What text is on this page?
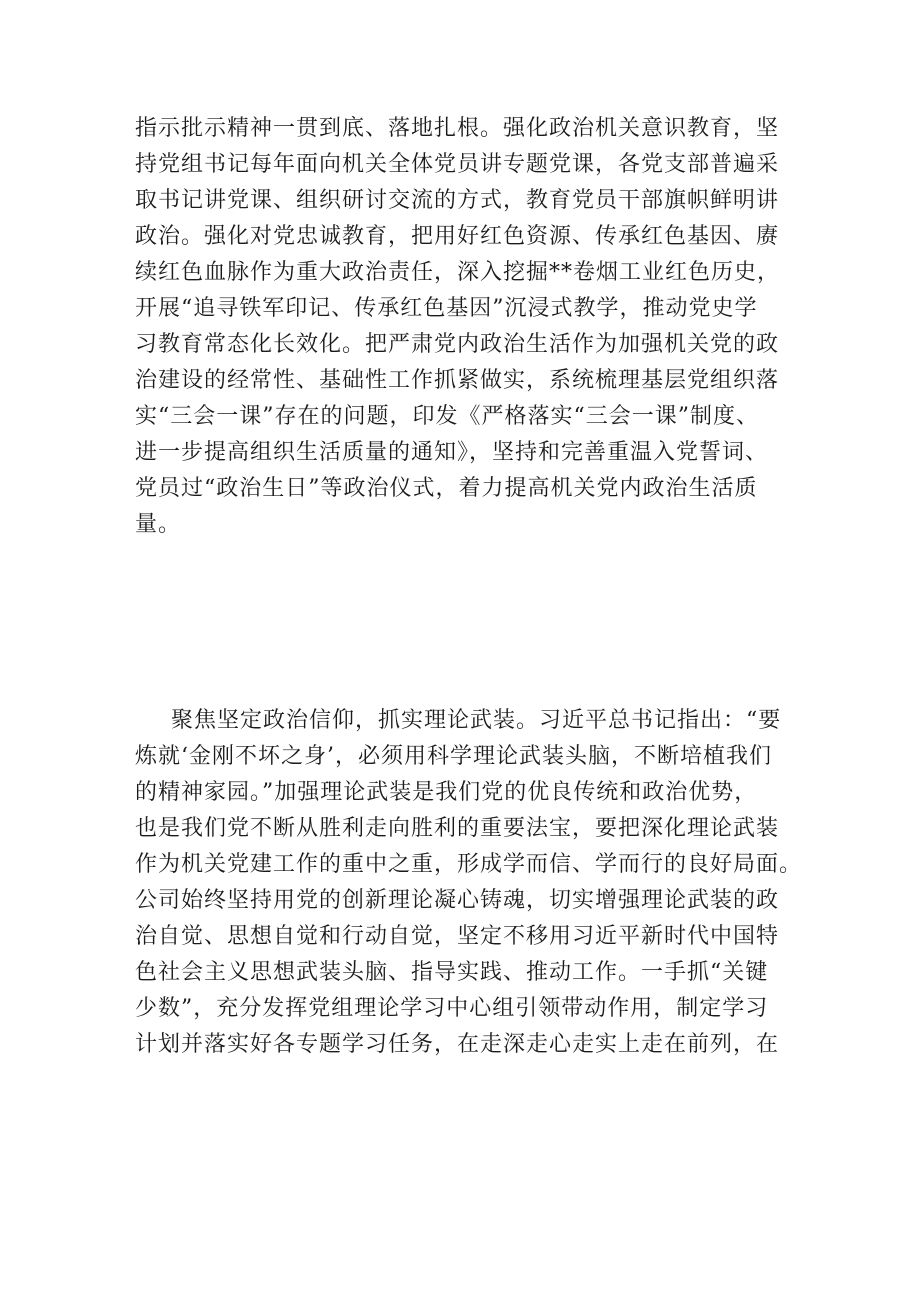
指示批示精神一贯到底、落地扎根。强化政治机关意识教育，坚
持党组书记每年面向机关全体党员讲专题党课，各党支部普遍采
取书记讲党课、组织研讨交流的方式，教育党员干部旗帜鲜明讲
政治。强化对党忠诚教育，把用好红色资源、传承红色基因、赓
续红色血脉作为重大政治责任，深入挖掘**卷烟工业红色历史，
开展“追寻铁军印记、传承红色基因”沉浸式教学，推动党史学
习教育常态化长效化。把严肃党内政治生活作为加强机关党的政
治建设的经常性、基础性工作抓紧做实，系统梳理基层党组织落
实“三会一课”存在的问题，印发《严格落实“三会一课”制度、
进一步提高组织生活质量的通知》，坚持和完善重温入党誓词、
党员过“政治生日”等政治仪式，着力提高机关党内政治生活质
量。
聚焦坚定政治信仰，抓实理论武装。习近平总书记指出：“要
炼就‘金刚不坏之身’，必须用科学理论武装头脑，不断培植我们
的精神家园。”加强理论武装是我们党的优良传统和政治优势，
也是我们党不断从胜利走向胜利的重要法宝，要把深化理论武装
作为机关党建工作的重中之重，形成学而信、学而行的良好局面。
公司始终坚持用党的创新理论凝心铸魂，切实增强理论武装的政
治自觉、思想自觉和行动自觉，坚定不移用习近平新时代中国特
色社会主义思想武装头脑、指导实践、推动工作。一手抓“关键
少数”，充分发挥党组理论学习中心组引领带动作用，制定学习
计划并落实好各专题学习任务，在走深走心走实上走在前列，在
